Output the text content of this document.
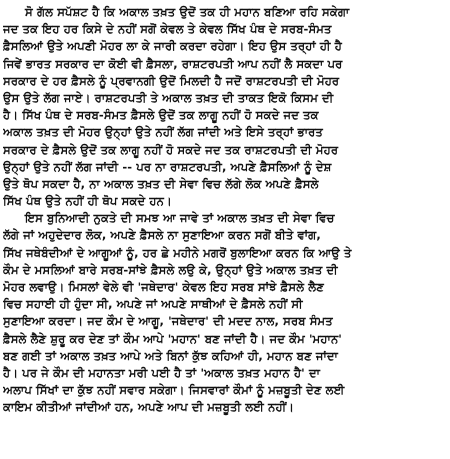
ਸੋ ਗੱਲ ਸਪੱਸ਼ਟ ਹੈ ਕਿ ਅਕਾਲ ਤਖ਼ਤ ਉਦੋਂ ਤਕ ਹੀ ਮਹਾਨ ਬਣਿਆ ਰਹਿ ਸਕੇਗਾ
ਜਦ ਤਕ ਇਹ ਹਰ ਕਿਸੇ ਦੇ ਨਹੀਂ ਸਗੋਂ ਕੇਵਲ ਤੇ ਕੇਵਲ ਸਿੱਖ ਪੰਥ ਦੇ ਸਰਬ-ਸੰਮਤ
ਫ਼ੈਸਲਿਆਂ ਉਤੇ ਅਪਣੀ ਮੋਹਰ ਲਾ ਕੇ ਜਾਰੀ ਕਰਦਾ ਰਹੇਗਾ। ਇਹ ਉਸ ਤਰ੍ਹਾਂ ਹੀ ਹੈ
ਜਿਵੇਂ ਭਾਰਤ ਸਰਕਾਰ ਦਾ ਕੋਈ ਵੀ ਫ਼ੈਸਲਾ, ਰਾਸ਼ਟਰਪਤੀ ਆਪ ਨਹੀਂ ਲੈ ਸਕਦਾ ਪਰ
ਸਰਕਾਰ ਦੇ ਹਰ ਫ਼ੈਸਲੇ ਨੂੰ ਪ੍ਰਵਾਨਗੀ ਉਦੋਂ ਮਿਲਦੀ ਹੈ ਜਦੋਂ ਰਾਸ਼ਟਰਪਤੀ ਦੀ ਮੋਹਰ
ਉਸ ਉਤੇ ਲੱਗ ਜਾਏ। ਰਾਸ਼ਟਰਪਤੀ ਤੇ ਅਕਾਲ ਤਖ਼ਤ ਦੀ ਤਾਕਤ ਇਕੋ ਕਿਸਮ ਦੀ
ਹੈ। ਸਿੱਖ ਪੰਥ ਦੇ ਸਰਬ-ਸੰਮਤ ਫ਼ੈਸਲੇ ਉਦੋਂ ਤਕ ਲਾਗੂ ਨਹੀਂ ਹੋ ਸਕਦੇ ਜਦ ਤਕ
ਅਕਾਲ ਤਖ਼ਤ ਦੀ ਮੋਹਰ ਉਨ੍ਹਾਂ ਉਤੇ ਨਹੀਂ ਲੱਗ ਜਾਂਦੀ ਅਤੇ ਇਸੇ ਤਰ੍ਹਾਂ ਭਾਰਤ
ਸਰਕਾਰ ਦੇ ਫ਼ੈਸਲੇ ਉਦੋਂ ਤਕ ਲਾਗੂ ਨਹੀਂ ਹੋ ਸਕਦੇ ਜਦ ਤਕ ਰਾਸ਼ਟਰਪਤੀ ਦੀ ਮੋਹਰ
ਉਨ੍ਹਾਂ ਉਤੇ ਨਹੀਂ ਲੱਗ ਜਾਂਦੀ -- ਪਰ ਨਾ ਰਾਸ਼ਟਰਪਤੀ, ਅਪਣੇ ਫ਼ੈਸਲਿਆਂ ਨੂੰ ਦੇਸ਼
ਉਤੇ ਥੋਪ ਸਕਦਾ ਹੈ, ਨਾ ਅਕਾਲ ਤਖ਼ਤ ਦੀ ਸੇਵਾ ਵਿਚ ਲੱਗੇ ਲੋਕ ਅਪਣੇ ਫ਼ੈਸਲੇ
ਸਿੱਖ ਪੰਥ ਉਤੇ ਨਹੀਂ ਹੀ ਥੋਪ ਸਕਦੇ ਹਨ।
ਇਸ ਬੁਨਿਆਦੀ ਨੁਕਤੇ ਦੀ ਸਮਝ ਆ ਜਾਵੇ ਤਾਂ ਅਕਾਲ ਤਖ਼ਤ ਦੀ ਸੇਵਾ ਵਿਚ
ਲੱਗੇ ਜਾਂ ਅਹੁਦੇਦਾਰ ਲੋਕ, ਅਪਣੇ ਫ਼ੈਸਲੇ ਨਾ ਸੁਣਾਇਆ ਕਰਨ ਸਗੋਂ ਬੀਤੇ ਵਾਂਗ,
ਸਿੱਖ ਜਥੇਬੰਦੀਆਂ ਦੇ ਆਗੂਆਂ ਨੂੰ, ਹਰ ਛੇ ਮਹੀਨੇ ਮਗਰੋਂ ਬੁਲਾਇਆ ਕਰਨ ਕਿ ਆਉ ਤੇ
ਕੌਮ ਦੇ ਮਸਲਿਆਂ ਬਾਰੇ ਸਰਬ-ਸਾਂਝੇ ਫ਼ੈਸਲੇ ਲਉ ਕੇ, ਉਨ੍ਹਾਂ ਉਤੇ ਅਕਾਲ ਤਖ਼ਤ ਦੀ
ਮੋਹਰ ਲਵਾਉ। ਮਿਸਲਾਂ ਵੇਲੇ ਵੀ 'ਜਥੇਦਾਰ' ਕੇਵਲ ਇਹ ਸਰਬ ਸਾਂਝੇ ਫ਼ੈਸਲੇ ਲੈਣ
ਵਿਚ ਸਹਾਈ ਹੀ ਹੁੰਦਾ ਸੀ, ਅਪਣੇ ਜਾਂ ਅਪਣੇ ਸਾਥੀਆਂ ਦੇ ਫ਼ੈਸਲੇ ਨਹੀਂ ਸੀ
ਸੁਣਾਇਆ ਕਰਦਾ। ਜਦ ਕੌਮ ਦੇ ਆਗੂ, 'ਜਥੇਦਾਰ' ਦੀ ਮਦਦ ਨਾਲ, ਸਰਬ ਸੰਮਤ
ਫ਼ੈਸਲੇ ਲੈਣੇ ਸ਼ੁਰੂ ਕਰ ਦੇਣ ਤਾਂ ਕੌਮ ਆਪੇ 'ਮਹਾਨ' ਬਣ ਜਾਂਦੀ ਹੈ। ਜਦ ਕੌਮ 'ਮਹਾਨ'
ਬਣ ਗਈ ਤਾਂ ਅਕਾਲ ਤਖ਼ਤ ਆਪੇ ਅਤੇ ਬਿਨਾਂ ਕੁੱਝ ਕਹਿਆਂ ਹੀ, ਮਹਾਨ ਬਣ ਜਾਂਦਾ
ਹੈ। ਪਰ ਜੇ ਕੌਮ ਦੀ ਮਹਾਨਤਾ ਮਰੀ ਪਈ ਹੈ ਤਾਂ 'ਅਕਾਲ ਤਖ਼ਤ ਮਹਾਨ ਹੈ' ਦਾ
ਅਲਾਪ ਸਿੱਖਾਂ ਦਾ ਕੁੱਝ ਨਹੀਂ ਸਵਾਰ ਸਕੇਗਾ। ਜਿਸਵਾਰਾਂ ਕੌਮਾਂ ਨੂੰ ਮਜ਼ਬੂਤੀ ਦੇਣ ਲਈ
ਕਾਇਮ ਕੀਤੀਆਂ ਜਾਂਦੀਆਂ ਹਨ, ਅਪਣੇ ਆਪ ਦੀ ਮਜ਼ਬੂਤੀ ਲਈ ਨਹੀਂ।
